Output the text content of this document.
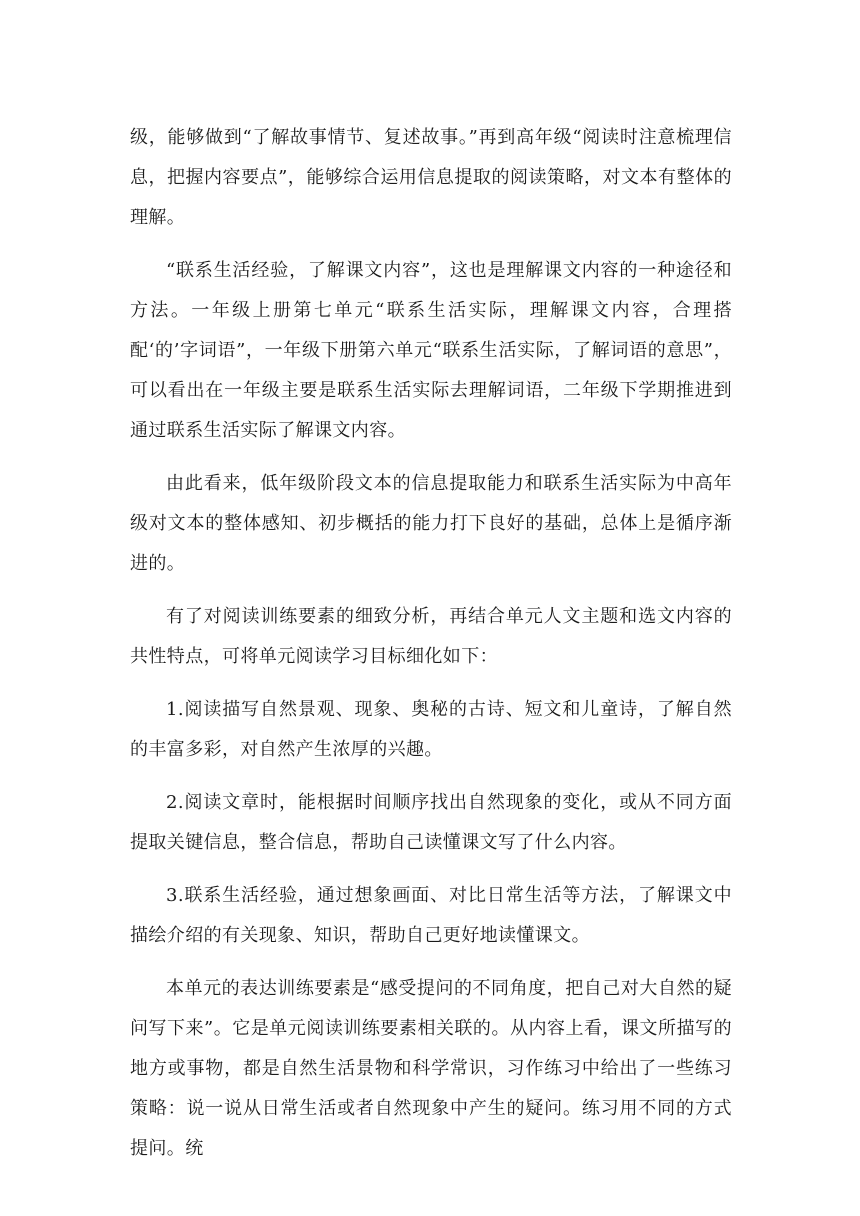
级，能够做到“了解故事情节、复述故事。”再到高年级“阅读时注意梳理信息，把握内容要点”，能够综合运用信息提取的阅读策略，对文本有整体的理解。

“联系生活经验，了解课文内容”，这也是理解课文内容的一种途径和方法。一年级上册第七单元“联系生活实际，理解课文内容，合理搭配‘的’字词语”，一年级下册第六单元“联系生活实际，了解词语的意思”，可以看出在一年级主要是联系生活实际去理解词语，二年级下学期推进到通过联系生活实际了解课文内容。

由此看来，低年级阶段文本的信息提取能力和联系生活实际为中高年级对文本的整体感知、初步概括的能力打下良好的基础，总体上是循序渐进的。

有了对阅读训练要素的细致分析，再结合单元人文主题和选文内容的共性特点，可将单元阅读学习目标细化如下：

1.阅读描写自然景观、现象、奥秘的古诗、短文和儿童诗，了解自然的丰富多彩，对自然产生浓厚的兴趣。

2.阅读文章时，能根据时间顺序找出自然现象的变化，或从不同方面提取关键信息，整合信息，帮助自己读懂课文写了什么内容。

3.联系生活经验，通过想象画面、对比日常生活等方法，了解课文中描绘介绍的有关现象、知识，帮助自己更好地读懂课文。

本单元的表达训练要素是“感受提问的不同角度，把自己对大自然的疑问写下来”。它是单元阅读训练要素相关联的。从内容上看，课文所描写的地方或事物，都是自然生活景物和科学常识，习作练习中给出了一些练习策略：说一说从日常生活或者自然现象中产生的疑问。练习用不同的方式提问。统
